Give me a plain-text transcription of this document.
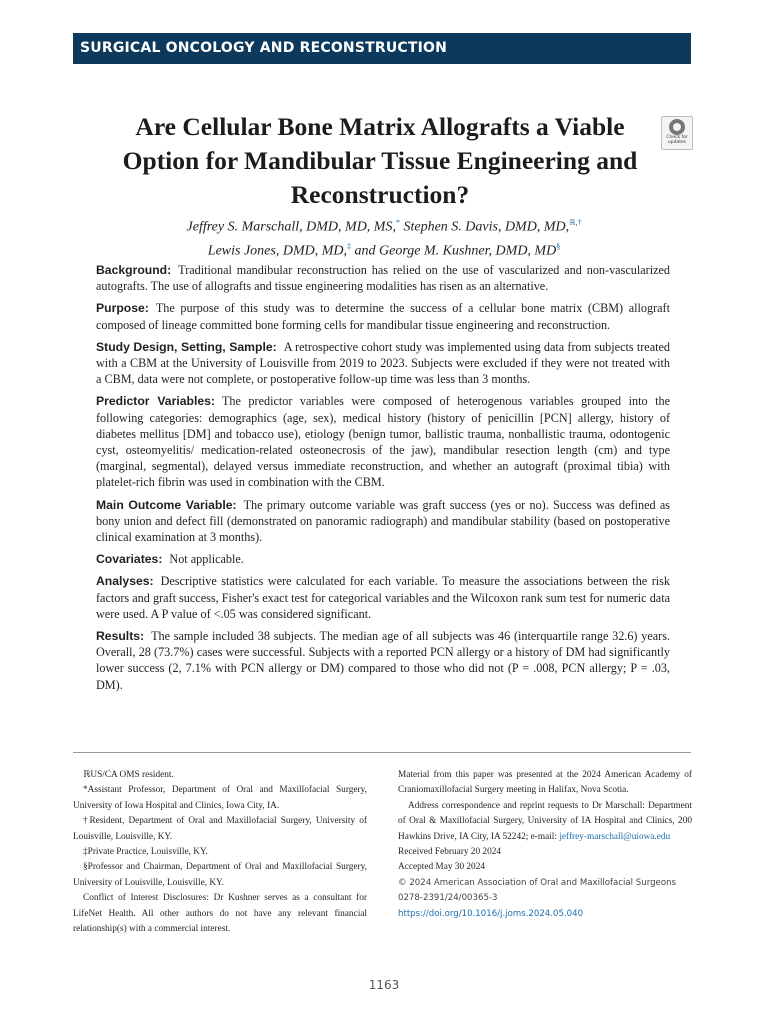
SURGICAL ONCOLOGY AND RECONSTRUCTION
Are Cellular Bone Matrix Allografts a Viable Option for Mandibular Tissue Engineering and Reconstruction?
Check for updates
Jeffrey S. Marschall, DMD, MD, MS,* Stephen S. Davis, DMD, MD,$^{ℝ,\dagger}$
Lewis Jones, DMD, MD,‡ and George M. Kushner, DMD, MD§

Background: Traditional mandibular reconstruction has relied on the use of vascularized and non-vascularized autografts. The use of allografts and tissue engineering modalities has risen as an alternative.

Purpose: The purpose of this study was to determine the success of a cellular bone matrix (CBM) allograft composed of lineage committed bone forming cells for mandibular tissue engineering and reconstruction.

Study Design, Setting, Sample: A retrospective cohort study was implemented using data from subjects treated with a CBM at the University of Louisville from 2019 to 2023. Subjects were excluded if they were not treated with a CBM, data were not complete, or postoperative follow-up time was less than 3 months.

Predictor Variables: The predictor variables were composed of heterogenous variables grouped into the following categories: demographics (age, sex), medical history (history of penicillin [PCN] allergy, history of diabetes mellitus [DM] and tobacco use), etiology (benign tumor, ballistic trauma, nonballistic trauma, odontogenic cyst, osteomyelitis/ medication-related osteonecrosis of the jaw), mandibular resection length (cm) and type (marginal, segmental), delayed versus immediate reconstruction, and whether an autograft (proximal tibia) with platelet-rich fibrin was used in combination with the CBM.

Main Outcome Variable: The primary outcome variable was graft success (yes or no). Success was defined as bony union and defect fill (demonstrated on panoramic radiograph) and mandibular stability (based on postoperative clinical examination at 3 months).

Covariates: Not applicable.

Analyses: Descriptive statistics were calculated for each variable. To measure the associations between the risk factors and graft success, Fisher's exact test for categorical variables and the Wilcoxon rank sum test for numeric data were used. A P value of <.05 was considered significant.

Results: The sample included 38 subjects. The median age of all subjects was 46 (interquartile range 32.6) years. Overall, 28 (73.7%) cases were successful. Subjects with a reported PCN allergy or a history of DM had significantly lower success (2, 7.1% with PCN allergy or DM) compared to those who did not (P = .008, PCN allergy; P = .03, DM).

ℝUS/CA OMS resident.

*Assistant Professor, Department of Oral and Maxillofacial Surgery, University of Iowa Hospital and Clinics, Iowa City, IA.

†Resident, Department of Oral and Maxillofacial Surgery, University of Louisville, Louisville, KY.

‡Private Practice, Louisville, KY.

§Professor and Chairman, Department of Oral and Maxillofacial Surgery, University of Louisville, Louisville, KY.

Conflict of Interest Disclosures: Dr Kushner serves as a consultant for LifeNet Health. All other authors do not have any relevant financial relationship(s) with a commercial interest.

Material from this paper was presented at the 2024 American Academy of Craniomaxillofacial Surgery meeting in Halifax, Nova Scotia.

Address correspondence and reprint requests to Dr Marschall: Department of Oral & Maxillofacial Surgery, University of IA Hospital and Clinics, 200 Hawkins Drive, IA City, IA 52242; e-mail: jeffrey-marschall@uiowa.edu

Received February 20 2024

Accepted May 30 2024

© 2024 American Association of Oral and Maxillofacial Surgeons

0278-2391/24/00365-3

https://doi.org/10.1016/j.joms.2024.05.040

1163
